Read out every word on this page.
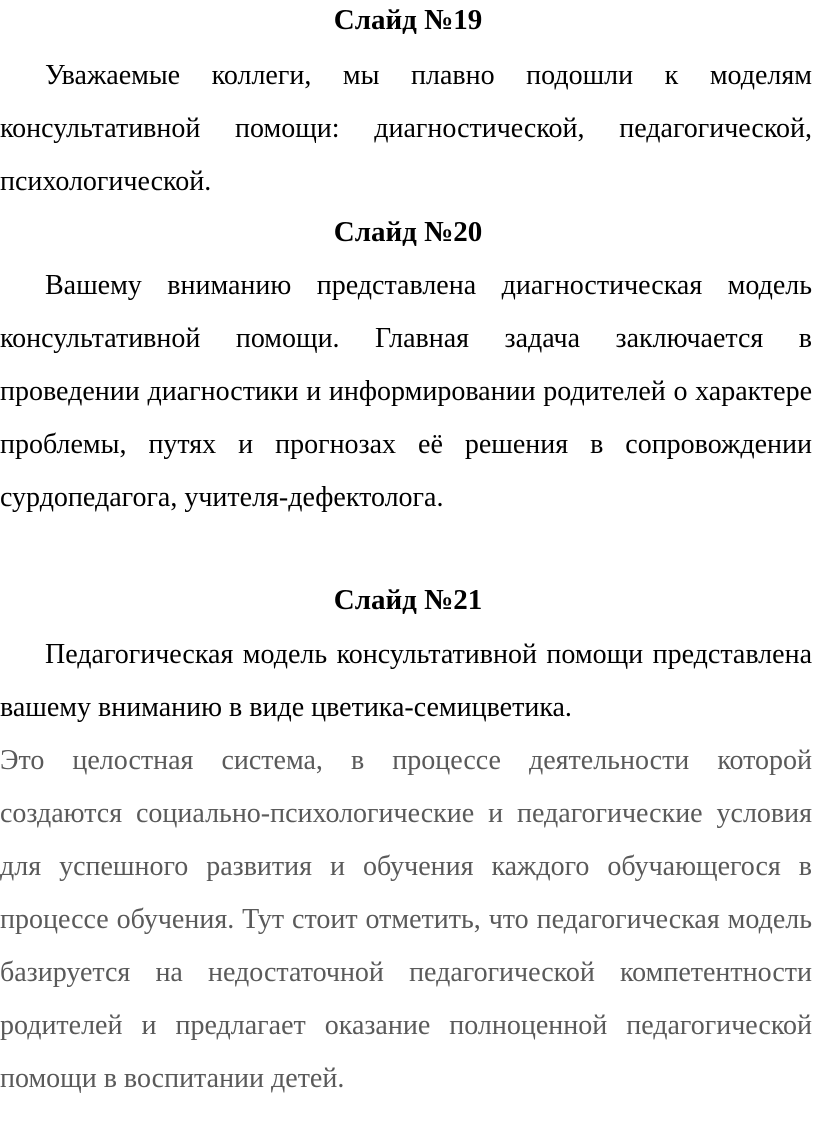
Слайд №19

Уважаемые коллеги, мы плавно подошли к моделям консультативной помощи: диагностической, педагогической, психологической.

Слайд №20

Вашему вниманию представлена диагностическая модель консультативной помощи. Главная задача заключается в проведении диагностики и информировании родителей о характере проблемы, путях и прогнозах её решения в сопровождении сурдопедагога, учителя-дефектолога.

Слайд №21

Педагогическая модель консультативной помощи представлена вашему вниманию в виде цветика-семицветика.

Это целостная система, в процессе деятельности которой создаются социально-психологические и педагогические условия для успешного развития и обучения каждого обучающегося в процессе обучения. Тут стоит отметить, что педагогическая модель базируется на недостаточной педагогической компетентности родителей и предлагает оказание полноценной педагогической помощи в воспитании детей.
